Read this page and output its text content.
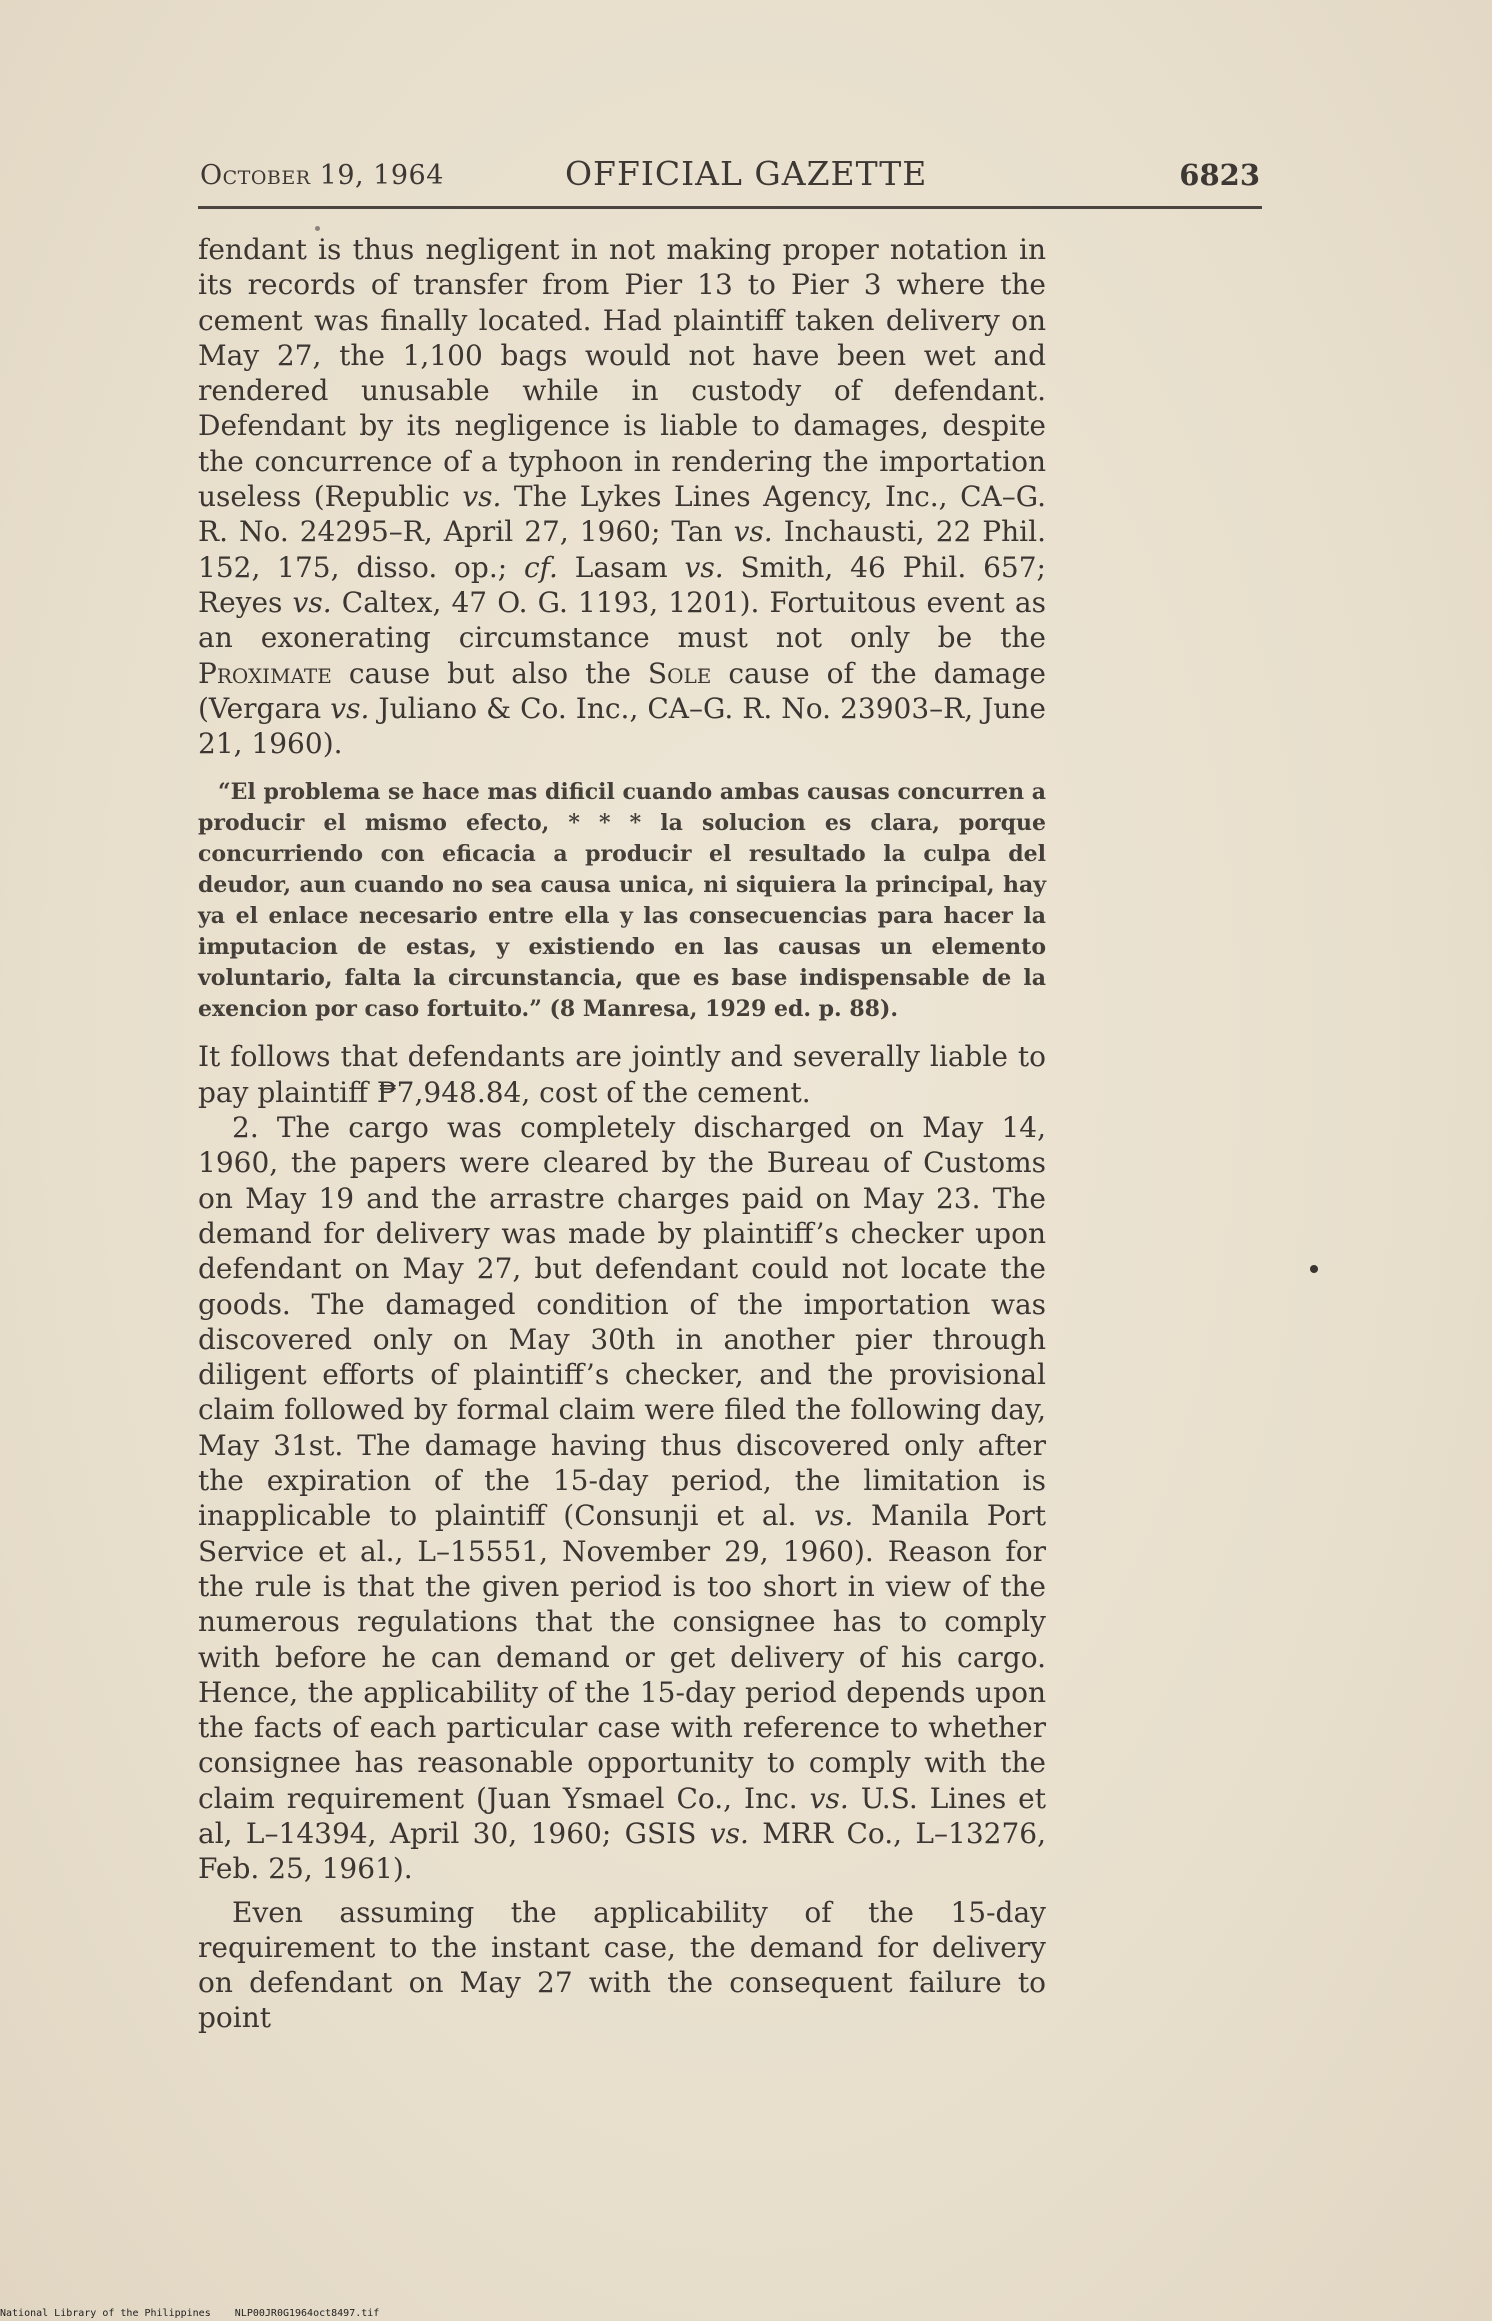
October 19, 1964	OFFICIAL GAZETTE	6823

fendant is thus negligent in not making proper notation in its records of transfer from Pier 13 to Pier 3 where the cement was finally located. Had plaintiff taken delivery on May 27, the 1,100 bags would not have been wet and rendered unusable while in custody of defendant. Defendant by its negligence is liable to damages, despite the concurrence of a typhoon in rendering the importation useless (Republic vs. The Lykes Lines Agency, Inc., CA–G. R. No. 24295–R, April 27, 1960; Tan vs. Inchausti, 22 Phil. 152, 175, disso. op.; cf. Lasam vs. Smith, 46 Phil. 657; Reyes vs. Caltex, 47 O. G. 1193, 1201). Fortuitous event as an exonerating circumstance must not only be the Proximate cause but also the Sole cause of the damage (Vergara vs. Juliano & Co. Inc., CA–G. R. No. 23903–R, June 21, 1960).

“El problema se hace mas dificil cuando ambas causas concurren a producir el mismo efecto, * * * la solucion es clara, porque concurriendo con eficacia a producir el resultado la culpa del deudor, aun cuando no sea causa unica, ni siquiera la principal, hay ya el enlace necesario entre ella y las consecuencias para hacer la imputacion de estas, y existiendo en las causas un elemento voluntario, falta la circunstancia, que es base indispensable de la exencion por caso fortuito.” (8 Manresa, 1929 ed. p. 88).

It follows that defendants are jointly and severally liable to pay plaintiff ₱7,948.84, cost of the cement.

2. The cargo was completely discharged on May 14, 1960, the papers were cleared by the Bureau of Customs on May 19 and the arrastre charges paid on May 23. The demand for delivery was made by plaintiff’s checker upon defendant on May 27, but defendant could not locate the goods. The damaged condition of the importation was discovered only on May 30th in another pier through diligent efforts of plaintiff’s checker, and the provisional claim followed by formal claim were filed the following day, May 31st. The damage having thus discovered only after the expiration of the 15-day period, the limitation is inapplicable to plaintiff (Consunji et al. vs. Manila Port Service et al., L–15551, November 29, 1960). Reason for the rule is that the given period is too short in view of the numerous regulations that the consignee has to comply with before he can demand or get delivery of his cargo. Hence, the applicability of the 15-day period depends upon the facts of each particular case with reference to whether consignee has reasonable opportunity to comply with the claim requirement (Juan Ysmael Co., Inc. vs. U.S. Lines et al, L–14394, April 30, 1960; GSIS vs. MRR Co., L–13276, Feb. 25, 1961).

Even assuming the applicability of the 15-day requirement to the instant case, the demand for delivery on defendant on May 27 with the consequent failure to point

National Library of the Philippines    NLP00JR0G1964oct8497.tif
